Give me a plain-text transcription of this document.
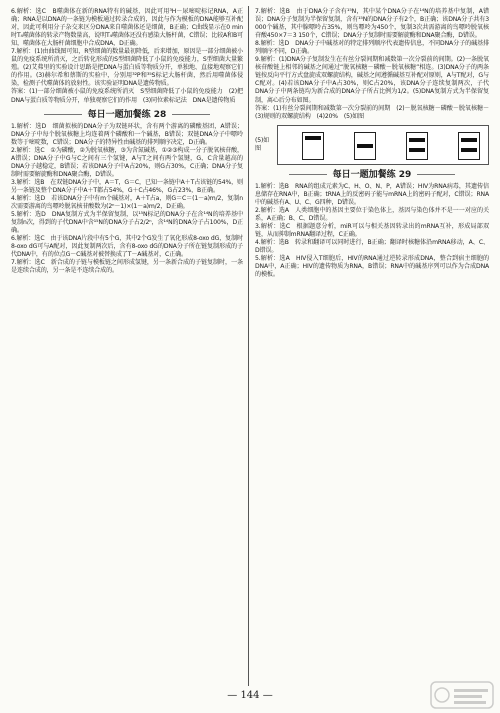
6.解析：选C　B噬菌体在新的RNA特有的碱基，因此可用³H－尿嘧啶标记RNA，A正确；RNA是以DNA的一条链为模板通过转录合成的，因此与作为模板的DNA能够互补配对，因此可利用分子杂交来区分DNA来自噬菌体还是细菌，B正确；C曲线显示在0 min时T₄噬菌体的转录产物数量高，说明T₄噬菌体还没有感染大肠杆菌，C错误；比较A和B可知，噬菌体在大肠杆菌细胞中合成DNA，D正确。

7.解析：(1)由曲线图可知，R型细菌的数量最初降低，后来增加，原因是一部分细菌被小鼠的免疫系统所消灭，之后转化形成的S型细菌降低了小鼠的免疫能力，S型细菌大量繁殖。(2)艾弗里的实验设计思路是把DNA与蛋白质等物质分开，单独地、直接地观察它们的作用。(3)赫尔希和蔡斯的实验中，分别用³²P和³⁵S标记大肠杆菌，然后用噬菌体侵染，检测子代噬菌体的放射性。该实验证明DNA是遗传物质。

答案：(1)一部分细菌被小鼠的免疫系统所消灭　S型细菌降低了小鼠的免疫能力　(2)把DNA与蛋白质等物质分开，单独观察它们的作用　(3)同位素标记法　DNA是遗传物质

每日一题加餐练 28

1.解析：选D　细菌拟核的DNA分子为双链环状，含有两个游离的磷酸基团，A错误；DNA分子中每个脱氧核糖上均连着两个磷酸和一个碱基，B错误；双链DNA分子中嘌呤数等于嘧啶数，C错误；DNA分子的特异性由碱基的排列顺序决定，D正确。

2.解析：选C　①为磷酸，②为脱氧核糖，③为含氮碱基，①②③构成一分子脱氧核苷酸，A错误；DNA分子中G与C之间有三个氢键，A与T之间有两个氢键，G、C含量越高的DNA分子越稳定，B错误；若该DNA分子中A占20%，则G占30%，C正确；DNA分子复制时需要解旋酶和DNA聚合酶，D错误。

3.解析：选B　在双链DNA分子中，A＝T，G＝C，已知一条链中A＋T占该链的54%，则另一条链及整个DNA分子中A＋T都占54%，G＋C占46%，G占23%，B正确。

4.解析：选D　若该DNA分子中有m个碱基对，A＋T占a，则G＝C＝(1－a)m/2，复制n次需要游离的鸟嘌呤脱氧核苷酸数为(2ⁿ－1)×(1－a)m/2，D正确。

5.解析：选D　DNA复制方式为半保留复制，以¹⁵N标记的DNA分子在含¹⁴N的培养基中复制n次，得到的子代DNA中含¹⁵N的DNA分子占2/2ⁿ，含¹⁴N的DNA分子占100%，D正确。

6.解析：选C　由于该DNA片段中有5个G，其中2个G发生了氧化形成8-oxo dG，复制时8-oxo dG可与A配对，因此复制两次后，含有8-oxo dG的DNA分子所在链复制形成的子代DNA中，有的位点G－C碱基对被替换成了T－A碱基对，C正确。

7.解析：选C　新合成的子链与模板链之间形成氢键，另一条新合成的子链复制时，一条是连续合成的，另一条是不连续合成的。

7.解析：选B　由于DNA分子含有¹⁵N，其中某个DNA分子在¹⁴N的培养基中复制，A错误；DNA分子复制为半保留复制，含有¹⁵N的DNA分子有2个，B正确；该DNA分子共有3 000个碱基，其中腺嘌呤占35%，则鸟嘌呤为450个，复制3次共需游离的鸟嘌呤脱氧核苷酸450×7＝3 150个，C错误；DNA分子复制时需要解旋酶和DNA聚合酶，D错误。

8.解析：选D　DNA分子中碱基对的特定排列顺序代表遗传信息，不同DNA分子的碱基排列顺序不同，D正确。

9.解析：(1)DNA分子复制发生在有丝分裂间期和减数第一次分裂前的间期。(2)一条脱氧核苷酸链上相邻的碱基之间通过“脱氧核糖－磷酸－脱氧核糖”相连。(3)DNA分子的两条链按反向平行方式盘旋成双螺旋结构，碱基之间遵循碱基互补配对原则，A与T配对，G与C配对。(4)若该DNA分子中A占30%，则C占20%，该DNA分子连续复制两次，子代DNA分子中两条链均为新合成的DNA分子所占比例为1/2。(5)DNA复制方式为半保留复制，离心后分布如图。

答案：(1)有丝分裂间期和减数第一次分裂前的间期　(2)－脱氧核糖－磷酸－脱氧核糖－　(3)规则的双螺旋结构　(4)20%　(5)如图

(5)如图
每日一题加餐练 29

1.解析：选B　RNA的组成元素为C、H、O、N、P，A错误；HIV为RNA病毒，其遗传信息储存在RNA中，B正确；tRNA上的反密码子能与mRNA上的密码子配对，C错误；RNA中的碱基有A、U、C、G四种，D错误。

2.解析：选A　人类细胞中的基因主要位于染色体上，基因与染色体并不是一一对应的关系，A正确；B、C、D错误。

3.解析：选C　根据题意分析，miR可以与相关基因转录出的mRNA互补，形成局部双链，从而抑制mRNA翻译过程，C正确。

4.解析：选B　转录和翻译可以同时进行，B正确；翻译时核糖体沿mRNA移动，A、C、D错误。

5.解析：选A　HIV侵入T细胞后，HIV的RNA通过逆转录形成DNA，整合到宿主细胞的DNA中，A正确；HIV的遗传物质为RNA，B错误；RNA中的碱基序列可以作为合成DNA的模板。

— 144 —
